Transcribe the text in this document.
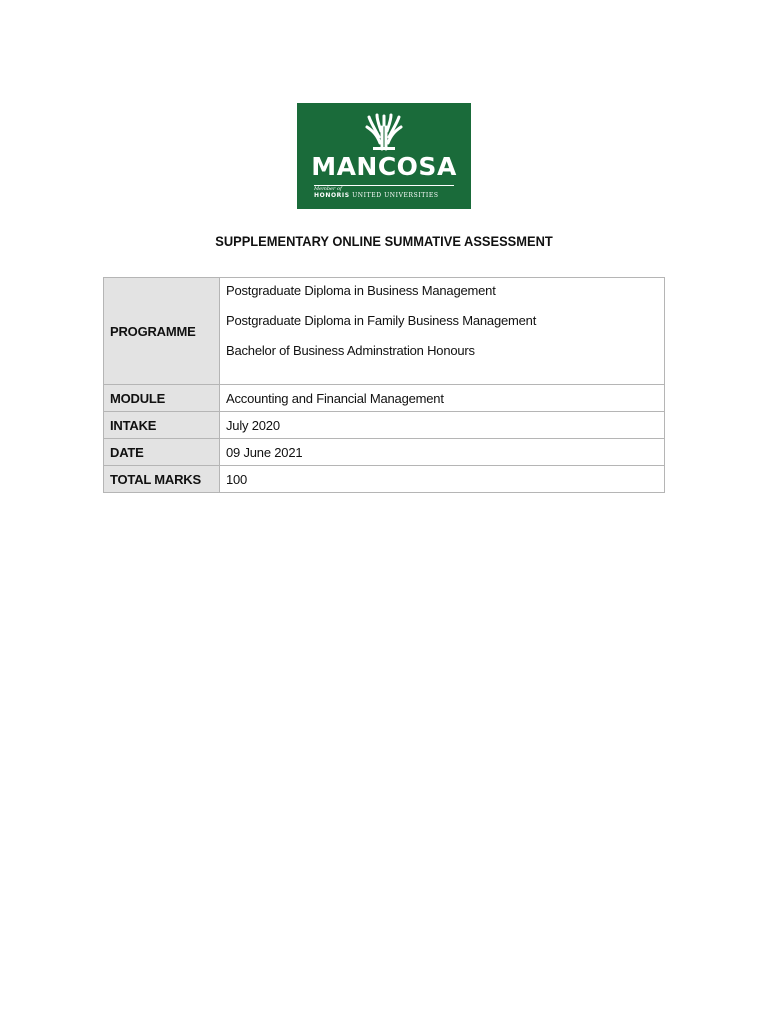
MANCOSA
Member of
HONORIS UNITED UNIVERSITIES
SUPPLEMENTARY ONLINE SUMMATIVE ASSESSMENT
PROGRAMME	Postgraduate Diploma in Business Management
Postgraduate Diploma in Family Business Management
Bachelor of Business Adminstration Honours

MODULE	Accounting and Financial Management
INTAKE	July 2020
DATE	09 June 2021
TOTAL MARKS	100
